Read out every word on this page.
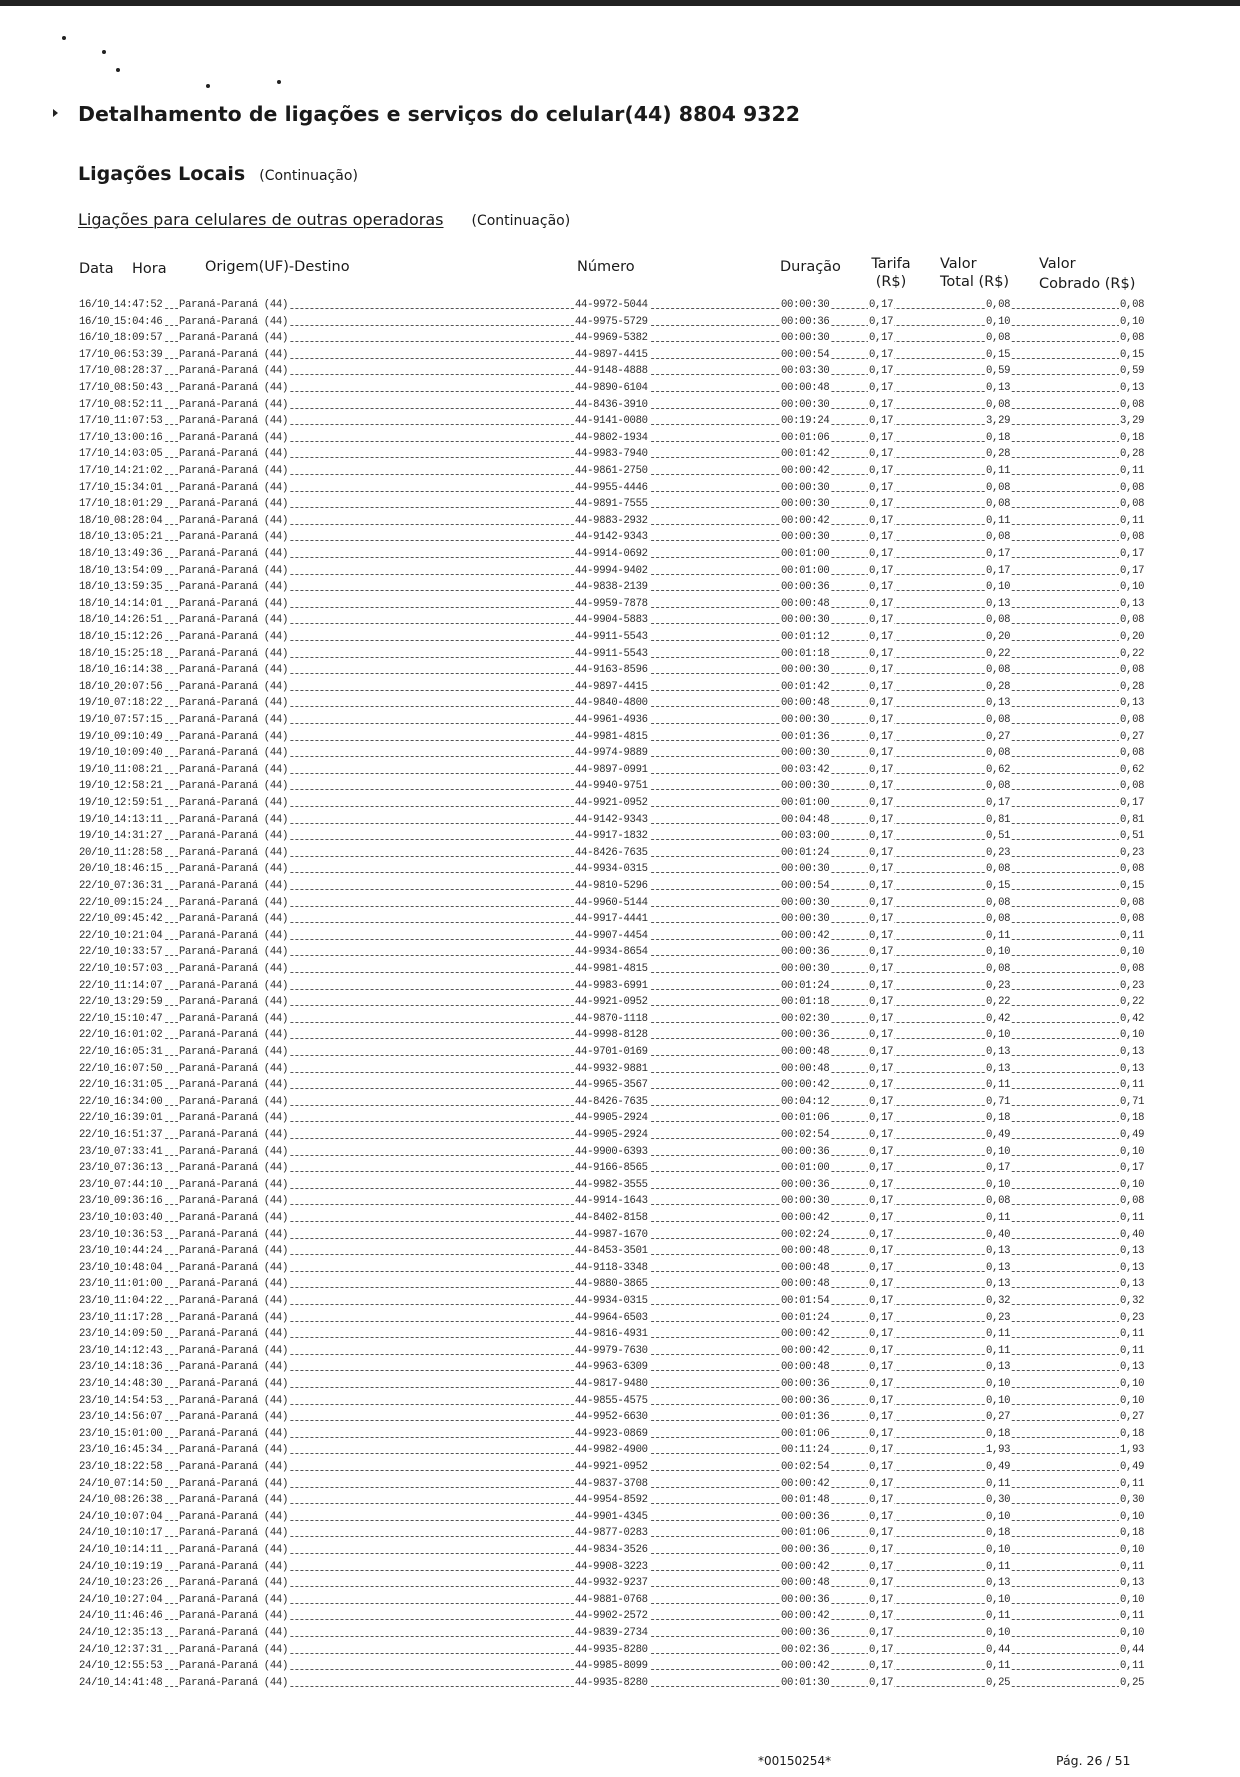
Detalhamento de ligações e serviços do celular(44) 8804 9322
Ligações Locais (Continuação)
Ligações para celulares de outras operadoras (Continuação)
Data Hora	Origem(UF)-Destino	Número	Duração	Tarifa
(R$)
Valor
Total (R$)
Valor
Cobrado (R$)
16/10 14:47:52 Paraná-Paraná (44)	44-9972-5044	00:00:30	0,17	0,08	0,08
16/10 15:04:46 Paraná-Paraná (44)	44-9975-5729	00:00:36	0,17	0,10	0,10
16/10 18:09:57 Paraná-Paraná (44)	44-9969-5382	00:00:30	0,17	0,08	0,08
17/10 06:53:39 Paraná-Paraná (44)	44-9897-4415	00:00:54	0,17	0,15	0,15
17/10 08:28:37 Paraná-Paraná (44)	44-9148-4888	00:03:30	0,17	0,59	0,59
17/10 08:50:43 Paraná-Paraná (44)	44-9890-6104	00:00:48	0,17	0,13	0,13
17/10 08:52:11 Paraná-Paraná (44)	44-8436-3910	00:00:30	0,17	0,08	0,08
17/10 11:07:53 Paraná-Paraná (44)	44-9141-0080	00:19:24	0,17	3,29	3,29
17/10 13:00:16 Paraná-Paraná (44)	44-9802-1934	00:01:06	0,17	0,18	0,18
17/10 14:03:05 Paraná-Paraná (44)	44-9983-7940	00:01:42	0,17	0,28	0,28
17/10 14:21:02 Paraná-Paraná (44)	44-9861-2750	00:00:42	0,17	0,11	0,11
17/10 15:34:01 Paraná-Paraná (44)	44-9955-4446	00:00:30	0,17	0,08	0,08
17/10 18:01:29 Paraná-Paraná (44)	44-9891-7555	00:00:30	0,17	0,08	0,08
18/10 08:28:04 Paraná-Paraná (44)	44-9883-2932	00:00:42	0,17	0,11	0,11
18/10 13:05:21 Paraná-Paraná (44)	44-9142-9343	00:00:30	0,17	0,08	0,08
18/10 13:49:36 Paraná-Paraná (44)	44-9914-0692	00:01:00	0,17	0,17	0,17
18/10 13:54:09 Paraná-Paraná (44)	44-9994-9402	00:01:00	0,17	0,17	0,17
18/10 13:59:35 Paraná-Paraná (44)	44-9838-2139	00:00:36	0,17	0,10	0,10
18/10 14:14:01 Paraná-Paraná (44)	44-9959-7878	00:00:48	0,17	0,13	0,13
18/10 14:26:51 Paraná-Paraná (44)	44-9904-5883	00:00:30	0,17	0,08	0,08
18/10 15:12:26 Paraná-Paraná (44)	44-9911-5543	00:01:12	0,17	0,20	0,20
18/10 15:25:18 Paraná-Paraná (44)	44-9911-5543	00:01:18	0,17	0,22	0,22
18/10 16:14:38 Paraná-Paraná (44)	44-9163-8596	00:00:30	0,17	0,08	0,08
18/10 20:07:56 Paraná-Paraná (44)	44-9897-4415	00:01:42	0,17	0,28	0,28
19/10 07:18:22 Paraná-Paraná (44)	44-9840-4800	00:00:48	0,17	0,13	0,13
19/10 07:57:15 Paraná-Paraná (44)	44-9961-4936	00:00:30	0,17	0,08	0,08
19/10 09:10:49 Paraná-Paraná (44)	44-9981-4815	00:01:36	0,17	0,27	0,27
19/10 10:09:40 Paraná-Paraná (44)	44-9974-9889	00:00:30	0,17	0,08	0,08
19/10 11:08:21 Paraná-Paraná (44)	44-9897-0991	00:03:42	0,17	0,62	0,62
19/10 12:58:21 Paraná-Paraná (44)	44-9940-9751	00:00:30	0,17	0,08	0,08
19/10 12:59:51 Paraná-Paraná (44)	44-9921-0952	00:01:00	0,17	0,17	0,17
19/10 14:13:11 Paraná-Paraná (44)	44-9142-9343	00:04:48	0,17	0,81	0,81
19/10 14:31:27 Paraná-Paraná (44)	44-9917-1832	00:03:00	0,17	0,51	0,51
20/10 11:28:58 Paraná-Paraná (44)	44-8426-7635	00:01:24	0,17	0,23	0,23
20/10 18:46:15 Paraná-Paraná (44)	44-9934-0315	00:00:30	0,17	0,08	0,08
22/10 07:36:31 Paraná-Paraná (44)	44-9810-5296	00:00:54	0,17	0,15	0,15
22/10 09:15:24 Paraná-Paraná (44)	44-9960-5144	00:00:30	0,17	0,08	0,08
22/10 09:45:42 Paraná-Paraná (44)	44-9917-4441	00:00:30	0,17	0,08	0,08
22/10 10:21:04 Paraná-Paraná (44)	44-9907-4454	00:00:42	0,17	0,11	0,11
22/10 10:33:57 Paraná-Paraná (44)	44-9934-8654	00:00:36	0,17	0,10	0,10
22/10 10:57:03 Paraná-Paraná (44)	44-9981-4815	00:00:30	0,17	0,08	0,08
22/10 11:14:07 Paraná-Paraná (44)	44-9983-6991	00:01:24	0,17	0,23	0,23
22/10 13:29:59 Paraná-Paraná (44)	44-9921-0952	00:01:18	0,17	0,22	0,22
22/10 15:10:47 Paraná-Paraná (44)	44-9870-1118	00:02:30	0,17	0,42	0,42
22/10 16:01:02 Paraná-Paraná (44)	44-9998-8128	00:00:36	0,17	0,10	0,10
22/10 16:05:31 Paraná-Paraná (44)	44-9701-0169	00:00:48	0,17	0,13	0,13
22/10 16:07:50 Paraná-Paraná (44)	44-9932-9881	00:00:48	0,17	0,13	0,13
22/10 16:31:05 Paraná-Paraná (44)	44-9965-3567	00:00:42	0,17	0,11	0,11
22/10 16:34:00 Paraná-Paraná (44)	44-8426-7635	00:04:12	0,17	0,71	0,71
22/10 16:39:01 Paraná-Paraná (44)	44-9905-2924	00:01:06	0,17	0,18	0,18
22/10 16:51:37 Paraná-Paraná (44)	44-9905-2924	00:02:54	0,17	0,49	0,49
23/10 07:33:41 Paraná-Paraná (44)	44-9900-6393	00:00:36	0,17	0,10	0,10
23/10 07:36:13 Paraná-Paraná (44)	44-9166-8565	00:01:00	0,17	0,17	0,17
23/10 07:44:10 Paraná-Paraná (44)	44-9982-3555	00:00:36	0,17	0,10	0,10
23/10 09:36:16 Paraná-Paraná (44)	44-9914-1643	00:00:30	0,17	0,08	0,08
23/10 10:03:40 Paraná-Paraná (44)	44-8402-8158	00:00:42	0,17	0,11	0,11
23/10 10:36:53 Paraná-Paraná (44)	44-9987-1670	00:02:24	0,17	0,40	0,40
23/10 10:44:24 Paraná-Paraná (44)	44-8453-3501	00:00:48	0,17	0,13	0,13
23/10 10:48:04 Paraná-Paraná (44)	44-9118-3348	00:00:48	0,17	0,13	0,13
23/10 11:01:00 Paraná-Paraná (44)	44-9880-3865	00:00:48	0,17	0,13	0,13
23/10 11:04:22 Paraná-Paraná (44)	44-9934-0315	00:01:54	0,17	0,32	0,32
23/10 11:17:28 Paraná-Paraná (44)	44-9964-6503	00:01:24	0,17	0,23	0,23
23/10 14:09:50 Paraná-Paraná (44)	44-9816-4931	00:00:42	0,17	0,11	0,11
23/10 14:12:43 Paraná-Paraná (44)	44-9979-7630	00:00:42	0,17	0,11	0,11
23/10 14:18:36 Paraná-Paraná (44)	44-9963-6309	00:00:48	0,17	0,13	0,13
23/10 14:48:30 Paraná-Paraná (44)	44-9817-9480	00:00:36	0,17	0,10	0,10
23/10 14:54:53 Paraná-Paraná (44)	44-9855-4575	00:00:36	0,17	0,10	0,10
23/10 14:56:07 Paraná-Paraná (44)	44-9952-6630	00:01:36	0,17	0,27	0,27
23/10 15:01:00 Paraná-Paraná (44)	44-9923-0869	00:01:06	0,17	0,18	0,18
23/10 16:45:34 Paraná-Paraná (44)	44-9982-4900	00:11:24	0,17	1,93	1,93
23/10 18:22:58 Paraná-Paraná (44)	44-9921-0952	00:02:54	0,17	0,49	0,49
24/10 07:14:50 Paraná-Paraná (44)	44-9837-3708	00:00:42	0,17	0,11	0,11
24/10 08:26:38 Paraná-Paraná (44)	44-9954-8592	00:01:48	0,17	0,30	0,30
24/10 10:07:04 Paraná-Paraná (44)	44-9901-4345	00:00:36	0,17	0,10	0,10
24/10 10:10:17 Paraná-Paraná (44)	44-9877-0283	00:01:06	0,17	0,18	0,18
24/10 10:14:11 Paraná-Paraná (44)	44-9834-3526	00:00:36	0,17	0,10	0,10
24/10 10:19:19 Paraná-Paraná (44)	44-9908-3223	00:00:42	0,17	0,11	0,11
24/10 10:23:26 Paraná-Paraná (44)	44-9932-9237	00:00:48	0,17	0,13	0,13
24/10 10:27:04 Paraná-Paraná (44)	44-9881-0768	00:00:36	0,17	0,10	0,10
24/10 11:46:46 Paraná-Paraná (44)	44-9902-2572	00:00:42	0,17	0,11	0,11
24/10 12:35:13 Paraná-Paraná (44)	44-9839-2734	00:00:36	0,17	0,10	0,10
24/10 12:37:31 Paraná-Paraná (44)	44-9935-8280	00:02:36	0,17	0,44	0,44
24/10 12:55:53 Paraná-Paraná (44)	44-9985-8099	00:00:42	0,17	0,11	0,11
24/10 14:41:48 Paraná-Paraná (44)	44-9935-8280	00:01:30	0,17	0,25	0,25
*00150254*	Pág. 26 / 51
